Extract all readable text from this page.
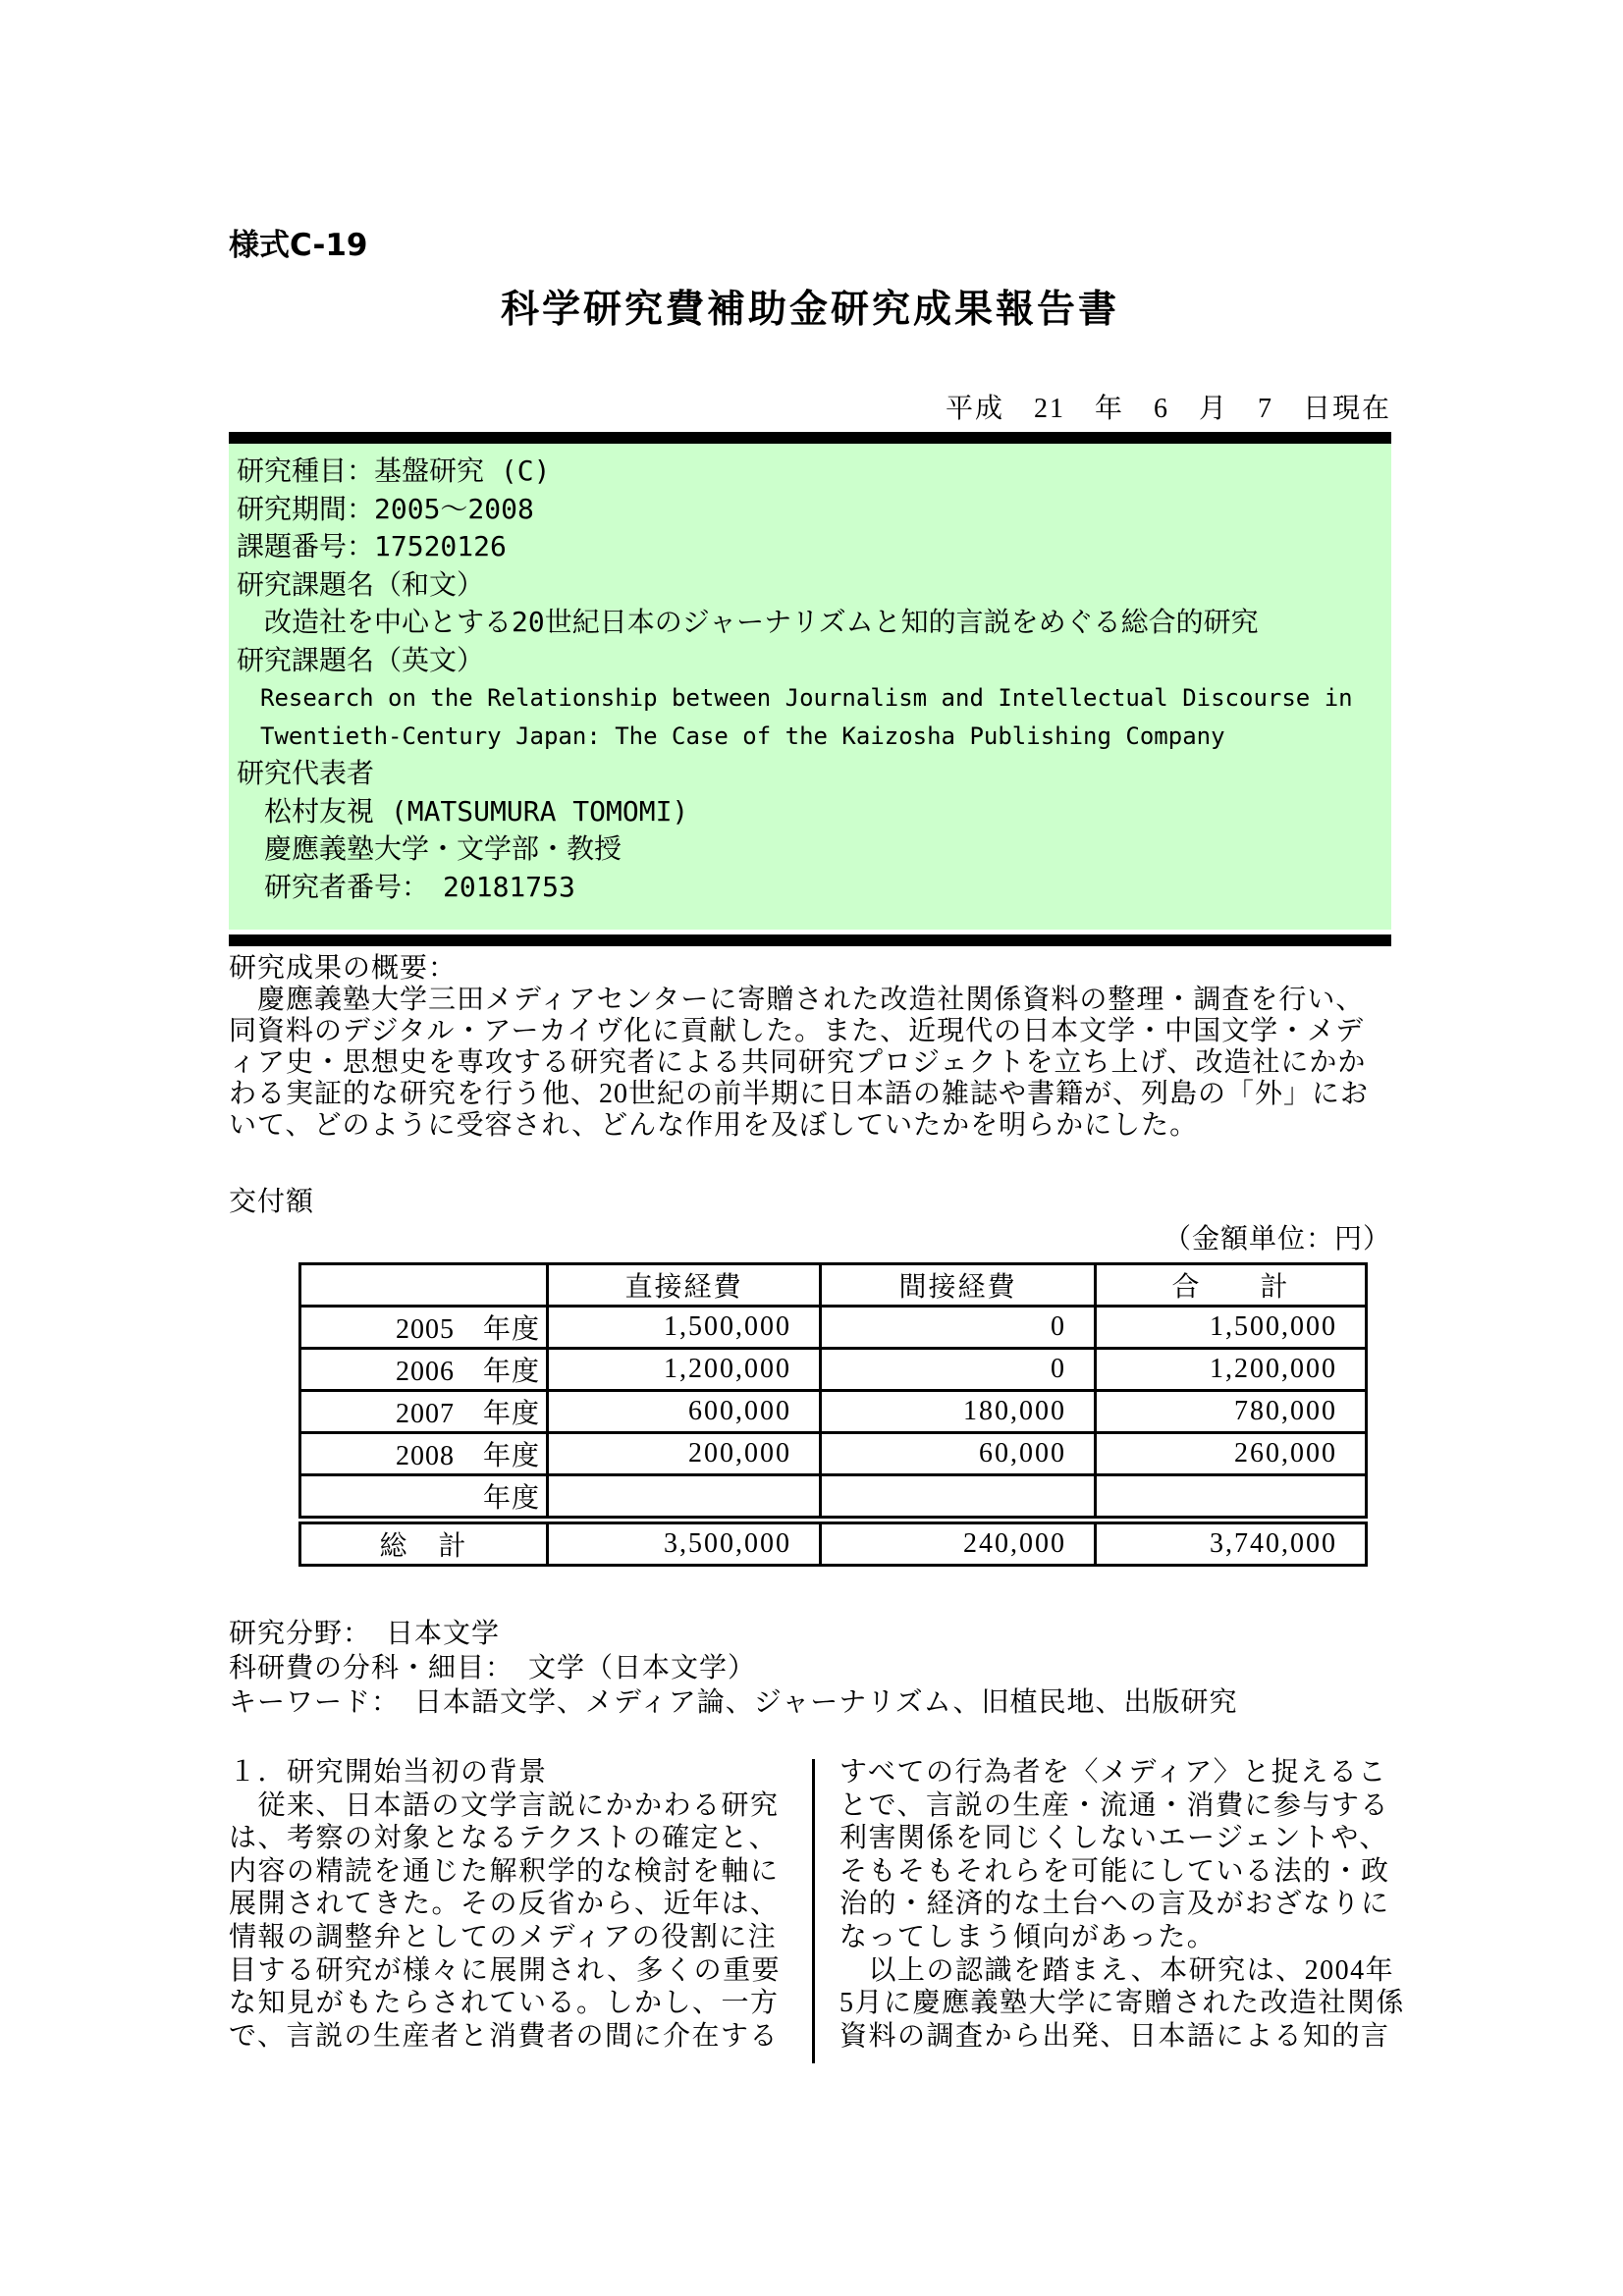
様式C-19
科学研究費補助金研究成果報告書
平成　21　年　6　月　7　日現在
研究種目：基盤研究 (C)
研究期間：2005～2008
課題番号：17520126
研究課題名（和文）
　改造社を中心とする20世紀日本のジャーナリズムと知的言説をめぐる総合的研究
研究課題名（英文）
　Research on the Relationship between Journalism and Intellectual Discourse in
　Twentieth-Century Japan: The Case of the Kaizosha Publishing Company
研究代表者
　松村友視 (MATSUMURA TOMOMI)
　慶應義塾大学・文学部・教授
　研究者番号：　20181753
研究成果の概要：
　慶應義塾大学三田メディアセンターに寄贈された改造社関係資料の整理・調査を行い、
同資料のデジタル・アーカイヴ化に貢献した。また、近現代の日本文学・中国文学・メデ
ィア史・思想史を専攻する研究者による共同研究プロジェクトを立ち上げ、改造社にかか
わる実証的な研究を行う他、20世紀の前半期に日本語の雑誌や書籍が、列島の「外」にお
いて、どのように受容され、どんな作用を及ぼしていたかを明らかにした。
交付額
（金額単位：円）
	直接経費	間接経費	合　　計
2005　年度	1,500,000	0	1,500,000
2006　年度	1,200,000	0	1,200,000
2007　年度	600,000	180,000	780,000
2008　年度	200,000	60,000	260,000
年度			
総　計	3,500,000	240,000	3,740,000
研究分野：　日本文学
科研費の分科・細目：　文学（日本文学）
キーワード：　日本語文学、メディア論、ジャーナリズム、旧植民地、出版研究
１．研究開始当初の背景
　従来、日本語の文学言説にかかわる研究
は、考察の対象となるテクストの確定と、
内容の精読を通じた解釈学的な検討を軸に
展開されてきた。その反省から、近年は、
情報の調整弁としてのメディアの役割に注
目する研究が様々に展開され、多くの重要
な知見がもたらされている。しかし、一方
で、言説の生産者と消費者の間に介在する
すべての行為者を〈メディア〉と捉えるこ
とで、言説の生産・流通・消費に参与する
利害関係を同じくしないエージェントや、
そもそもそれらを可能にしている法的・政
治的・経済的な土台への言及がおざなりに
なってしまう傾向があった。
　以上の認識を踏まえ、本研究は、2004年
5月に慶應義塾大学に寄贈された改造社関係
資料の調査から出発、日本語による知的言
